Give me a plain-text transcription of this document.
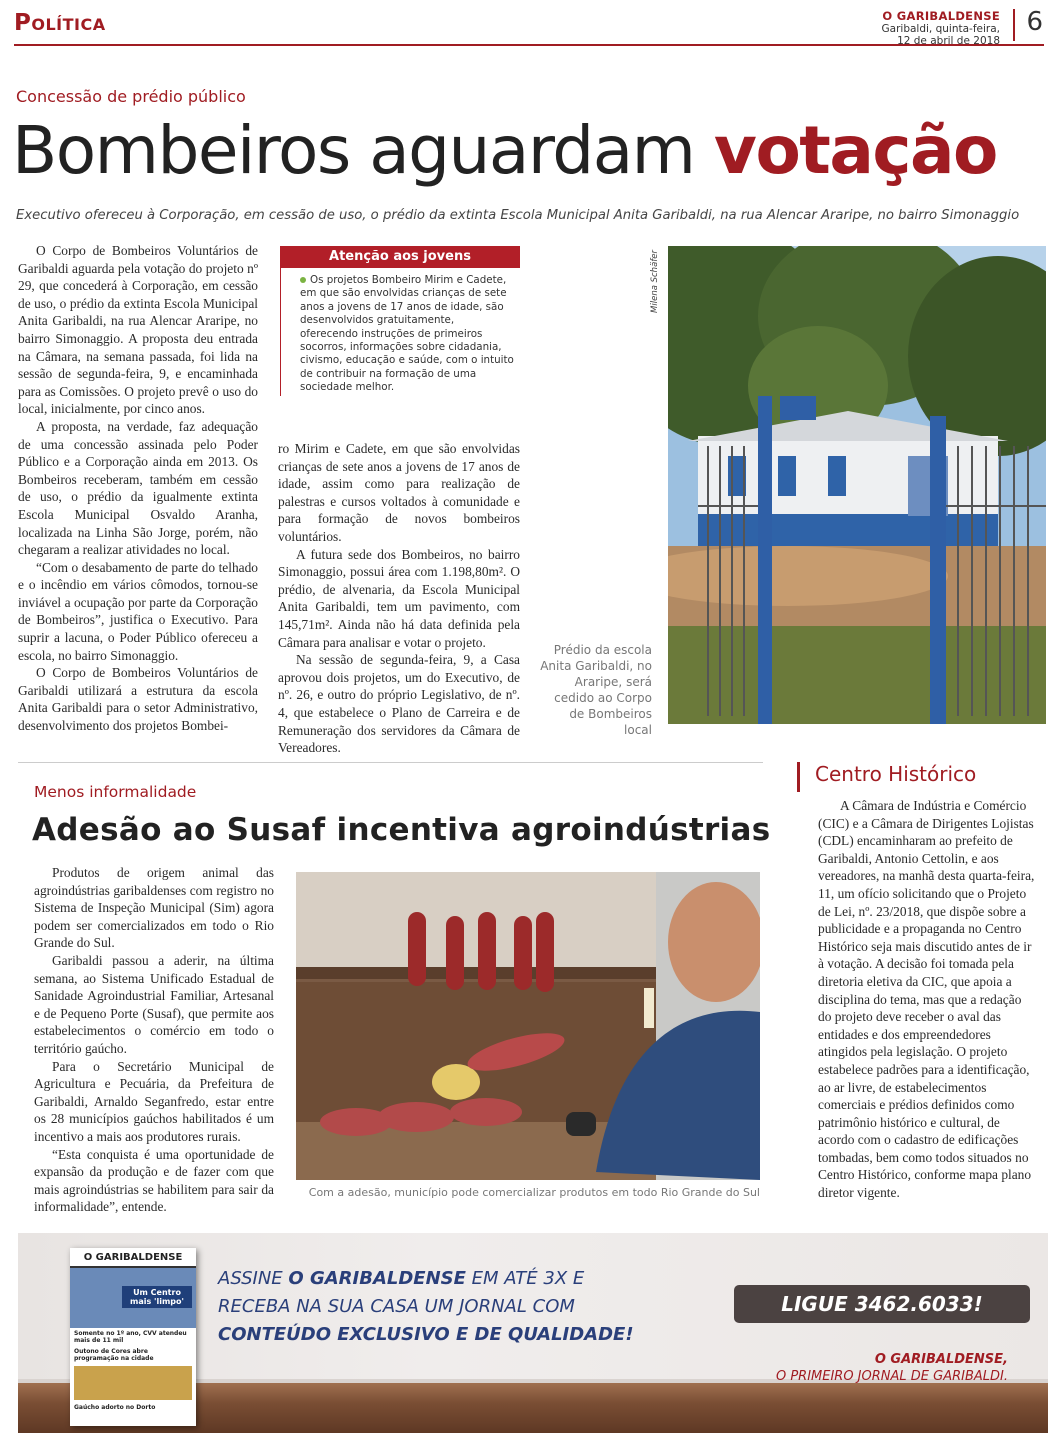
Política	O GARIBALDENSE
Garibaldi, quinta-feira,
12 de abril de 2018
6
Concessão de prédio público
Bombeiros aguardam votação
Executivo ofereceu à Corporação, em cessão de uso, o prédio da extinta Escola Municipal Anita Garibaldi, na rua Alencar Araripe, no bairro Simonaggio

O Corpo de Bombeiros Voluntários de Garibaldi aguarda pela votação do projeto nº 29, que concederá à Corporação, em cessão de uso, o prédio da extinta Escola Municipal Anita Garibaldi, na rua Alencar Araripe, no bairro Simonaggio. A proposta deu entrada na Câmara, na semana passada, foi lida na sessão de segunda-feira, 9, e encaminhada para as Comissões. O projeto prevê o uso do local, inicialmente, por cinco anos.

A proposta, na verdade, faz adequação de uma concessão assinada pelo Poder Público e a Corporação ainda em 2013. Os Bombeiros receberam, também em cessão de uso, o prédio da igualmente extinta Escola Municipal Osvaldo Aranha, localizada na Linha São Jorge, porém, não chegaram a realizar atividades no local.

“Com o desabamento de parte do telhado e o incêndio em vários cômodos, tornou-se inviável a ocupação por parte da Corporação de Bombeiros”, justifica o Executivo. Para suprir a lacuna, o Poder Público ofereceu a escola, no bairro Simonaggio.

O Corpo de Bombeiros Voluntários de Garibaldi utilizará a estrutura da escola Anita Garibaldi para o setor Administrativo, desenvolvimento dos projetos Bombei-

Atenção aos jovens
Os projetos Bombeiro Mirim e Cadete, em que são envolvidas crianças de sete anos a jovens de 17 anos de idade, são desenvolvidos gratuitamente, oferecendo instruções de primeiros socorros, informações sobre cidadania, civismo, educação e saúde, com o intuito de contribuir na formação de uma sociedade melhor.

ro Mirim e Cadete, em que são envolvidas crianças de sete anos a jovens de 17 anos de idade, assim como para realização de palestras e cursos voltados à comunidade e para formação de novos bombeiros voluntários.

A futura sede dos Bombeiros, no bairro Simonaggio, possui área com 1.198,80m². O prédio, de alvenaria, da Escola Municipal Anita Garibaldi, tem um pavimento, com 145,71m². Ainda não há data definida pela Câmara para analisar e votar o projeto.

Na sessão de segunda-feira, 9, a Casa aprovou dois projetos, um do Executivo, de nº. 26, e outro do próprio Legislativo, de nº. 4, que estabelece o Plano de Carreira e de Remuneração dos servidores da Câmara de Vereadores.

Milena Schäfer
Prédio da escola Anita Garibaldi, no Araripe, será cedido ao Corpo de Bombeiros local
Menos informalidade
Adesão ao Susaf incentiva agroindústrias

Produtos de origem animal das agroindústrias garibaldenses com registro no Sistema de Inspeção Municipal (Sim) agora podem ser comercializados em todo o Rio Grande do Sul.

Garibaldi passou a aderir, na última semana, ao Sistema Unificado Estadual de Sanidade Agroindustrial Familiar, Artesanal e de Pequeno Porte (Susaf), que permite aos estabelecimentos o comércio em todo o território gaúcho.

Para o Secretário Municipal de Agricultura e Pecuária, da Prefeitura de Garibaldi, Arnaldo Seganfredo, estar entre os 28 municípios gaúchos habilitados é um incentivo a mais aos produtores rurais.

“Esta conquista é uma oportunidade de expansão da produção e de fazer com que mais agroindústrias se habilitem para sair da informalidade”, entende.

Com a adesão, município pode comercializar produtos em todo Rio Grande do Sul
Centro Histórico

A Câmara de Indústria e Comércio (CIC) e a Câmara de Dirigentes Lojistas (CDL) encaminharam ao prefeito de Garibaldi, Antonio Cettolin, e aos vereadores, na manhã desta quarta-feira, 11, um ofício solicitando que o Projeto de Lei, nº. 23/2018, que dispõe sobre a publicidade e a propaganda no Centro Histórico seja mais discutido antes de ir à votação. A decisão foi tomada pela diretoria eletiva da CIC, que apoia a disciplina do tema, mas que a redação do projeto deve receber o aval das entidades e dos empreendedores atingidos pela legislação. O projeto estabelece padrões para a identificação, ao ar livre, de estabelecimentos comerciais e prédios definidos como patrimônio histórico e cultural, de acordo com o cadastro de edificações tombadas, bem como todos situados no Centro Histórico, conforme mapa plano diretor vigente.

O GARIBALDENSE
Um Centro mais 'limpo'
Somente no 1º ano, CVV atendeu mais de 11 mil
Outono de Cores abre programação na cidade
Gaúcho adorto no Dorto
ASSINE O GARIBALDENSE EM ATÉ 3X E
RECEBA NA SUA CASA UM JORNAL COM
CONTEÚDO EXCLUSIVO E DE QUALIDADE!
LIGUE 3462.6033!
O GARIBALDENSE,
O PRIMEIRO JORNAL DE GARIBALDI.
